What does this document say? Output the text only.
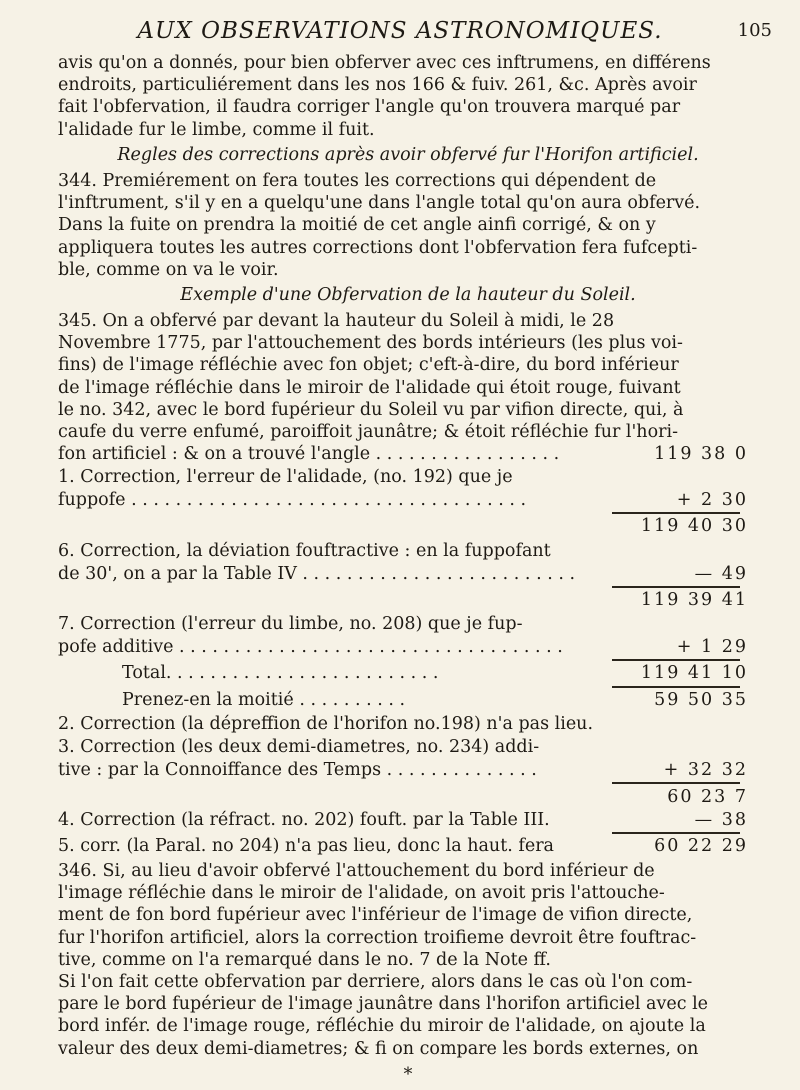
AUX OBSERVATIONS ASTRONOMIQUES.	105
avis qu'on a donnés, pour bien obferver avec ces inftrumens, en différens
endroits, particuliérement dans les nos 166 & fuiv. 261, &c. Après avoir
fait l'obfervation, il faudra corriger l'angle qu'on trouvera marqué par
l'alidade fur le limbe, comme il fuit.
Regles des corrections après avoir obfervé fur l'Horifon artificiel.
344. Premiérement on fera toutes les corrections qui dépendent de
l'inftrument, s'il y en a quelqu'une dans l'angle total qu'on aura obfervé.
Dans la fuite on prendra la moitié de cet angle ainfi corrigé, & on y
appliquera toutes les autres corrections dont l'obfervation fera fufcepti-
ble, comme on va le voir.
Exemple d'une Obfervation de la hauteur du Soleil.
345. On a obfervé par devant la hauteur du Soleil à midi, le 28
Novembre 1775, par l'attouchement des bords intérieurs (les plus voi-
fins) de l'image réfléchie avec fon objet; c'eft-à-dire, du bord inférieur
de l'image réfléchie dans le miroir de l'alidade qui étoit rouge, fuivant
le no. 342, avec le bord fupérieur du Soleil vu par vifion directe, qui, à
caufe du verre enfumé, paroiffoit jaunâtre; & étoit réfléchie fur l'hori-
fon artificiel : & on a trouvé l'angle . . . . . . . . . . . . . . . . .	119 38 0
1. Correction, l'erreur de l'alidade, (no. 192) que je
fuppofe . . . . . . . . . . . . . . . . . . . . . . . . . . . . . . . . . . . .	+ 2 30
119 40 30
6. Correction, la déviation fouftractive : en la fuppofant
de 30', on a par la Table IV . . . . . . . . . . . . . . . . . . . . . . . . .	— 49
119 39 41
7. Correction (l'erreur du limbe, no. 208) que je fup-
pofe additive . . . . . . . . . . . . . . . . . . . . . . . . . . . . . . . . . . .	+ 1 29
Total. . . . . . . . . . . . . . . . . . . . . . . . .	119 41 10
Prenez-en la moitié . . . . . . . . . .	59 50 35
2. Correction (la dépreffion de l'horifon no.198) n'a pas lieu.
3. Correction (les deux demi-diametres, no. 234) addi-
tive : par la Connoiffance des Temps . . . . . . . . . . . . . .	+ 32 32
60 23 7
4. Correction (la réfract. no. 202) fouft. par la Table III.	— 38
5. corr. (la Paral. no 204) n'a pas lieu, donc la haut. fera	60 22 29
346. Si, au lieu d'avoir obfervé l'attouchement du bord inférieur de
l'image réfléchie dans le miroir de l'alidade, on avoit pris l'attouche-
ment de fon bord fupérieur avec l'inférieur de l'image de vifion directe,
fur l'horifon artificiel, alors la correction troifieme devroit être fouftrac-
tive, comme on l'a remarqué dans le no. 7 de la Note ff.
Si l'on fait cette obfervation par derriere, alors dans le cas où l'on com-
pare le bord fupérieur de l'image jaunâtre dans l'horifon artificiel avec le
bord infér. de l'image rouge, réfléchie du miroir de l'alidade, on ajoute la
valeur des deux demi-diametres; & fi on compare les bords externes, on
*
